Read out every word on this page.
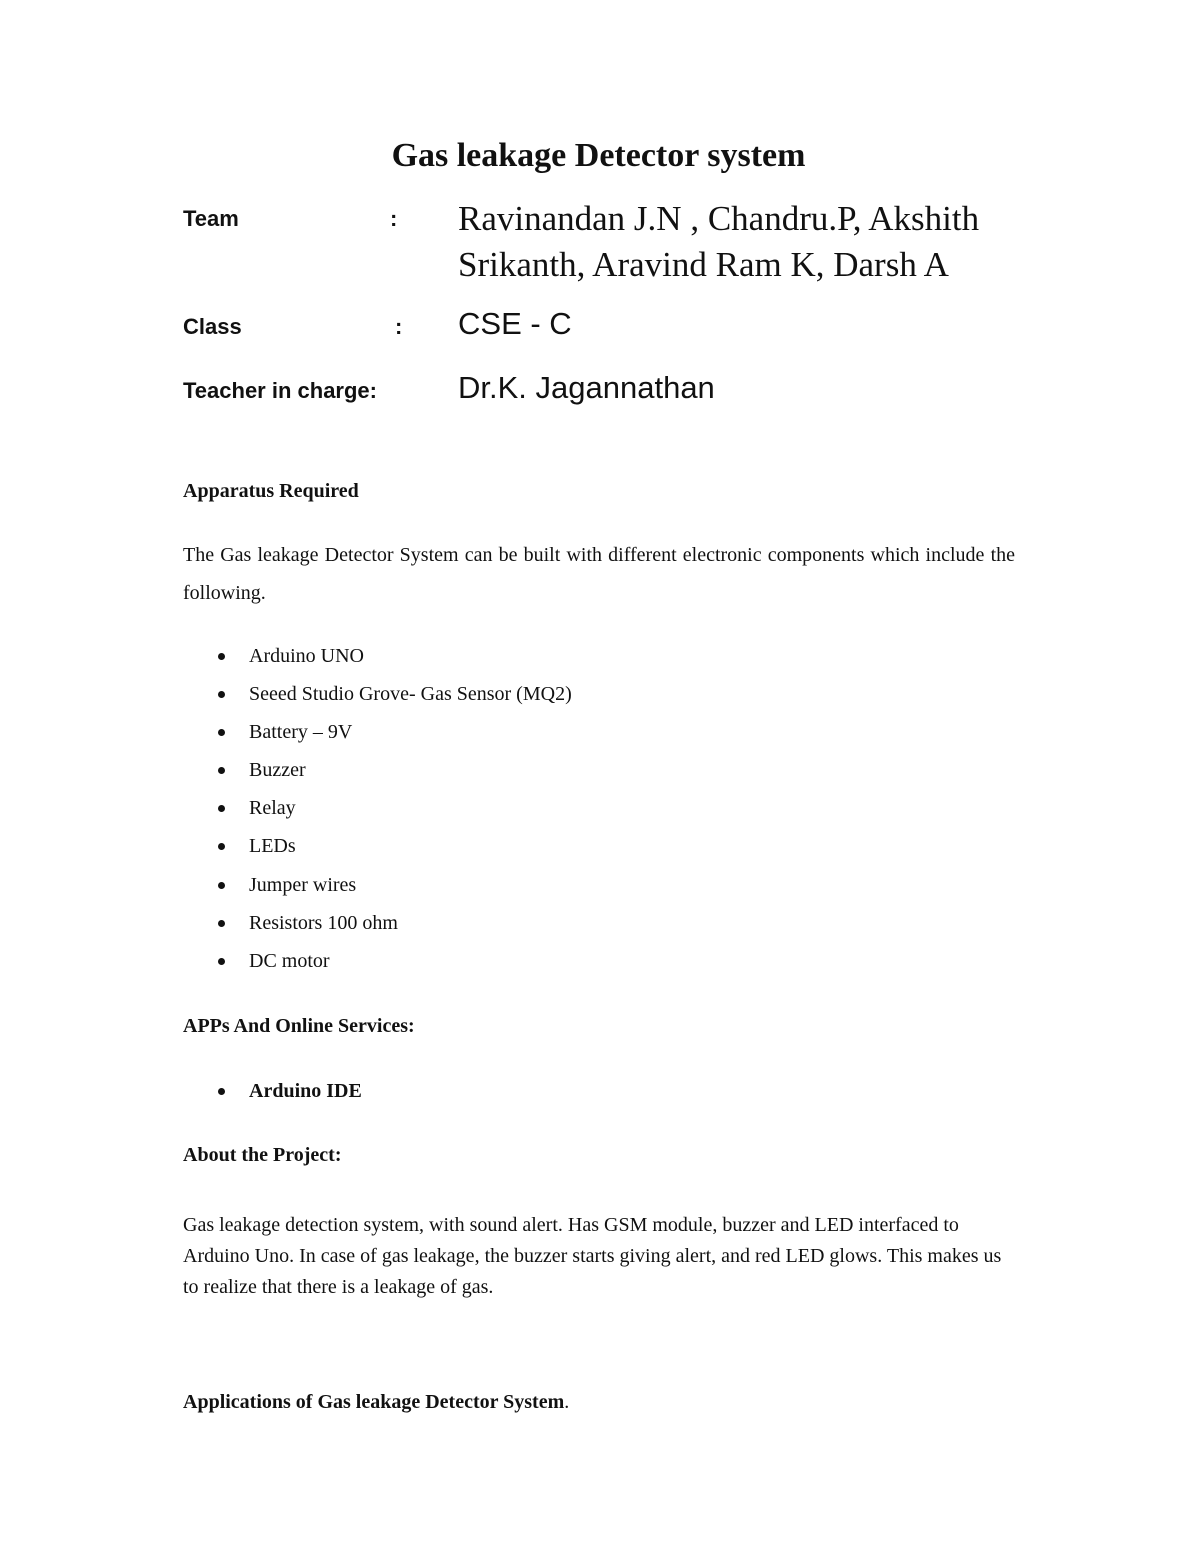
Gas leakage Detector system
Team	: Ravinandan J.N , Chandru.P, Akshith Srikanth, Aravind Ram K, Darsh A
Class	: CSE - C
Teacher in charge:	Dr.K. Jagannathan
Apparatus Required

The Gas leakage Detector System can be built with different electronic components which include the following.

Arduino UNO
Seeed Studio Grove- Gas Sensor (MQ2)
Battery – 9V
Buzzer
Relay
LEDs
Jumper wires
Resistors 100 ohm
DC motor
APPs And Online Services:
Arduino IDE
About the Project:

Gas leakage detection system, with sound alert. Has GSM module, buzzer and LED interfaced to Arduino Uno. In case of gas leakage, the buzzer starts giving alert, and red LED glows. This makes us to realize that there is a leakage of gas.

Applications of Gas leakage Detector System.
